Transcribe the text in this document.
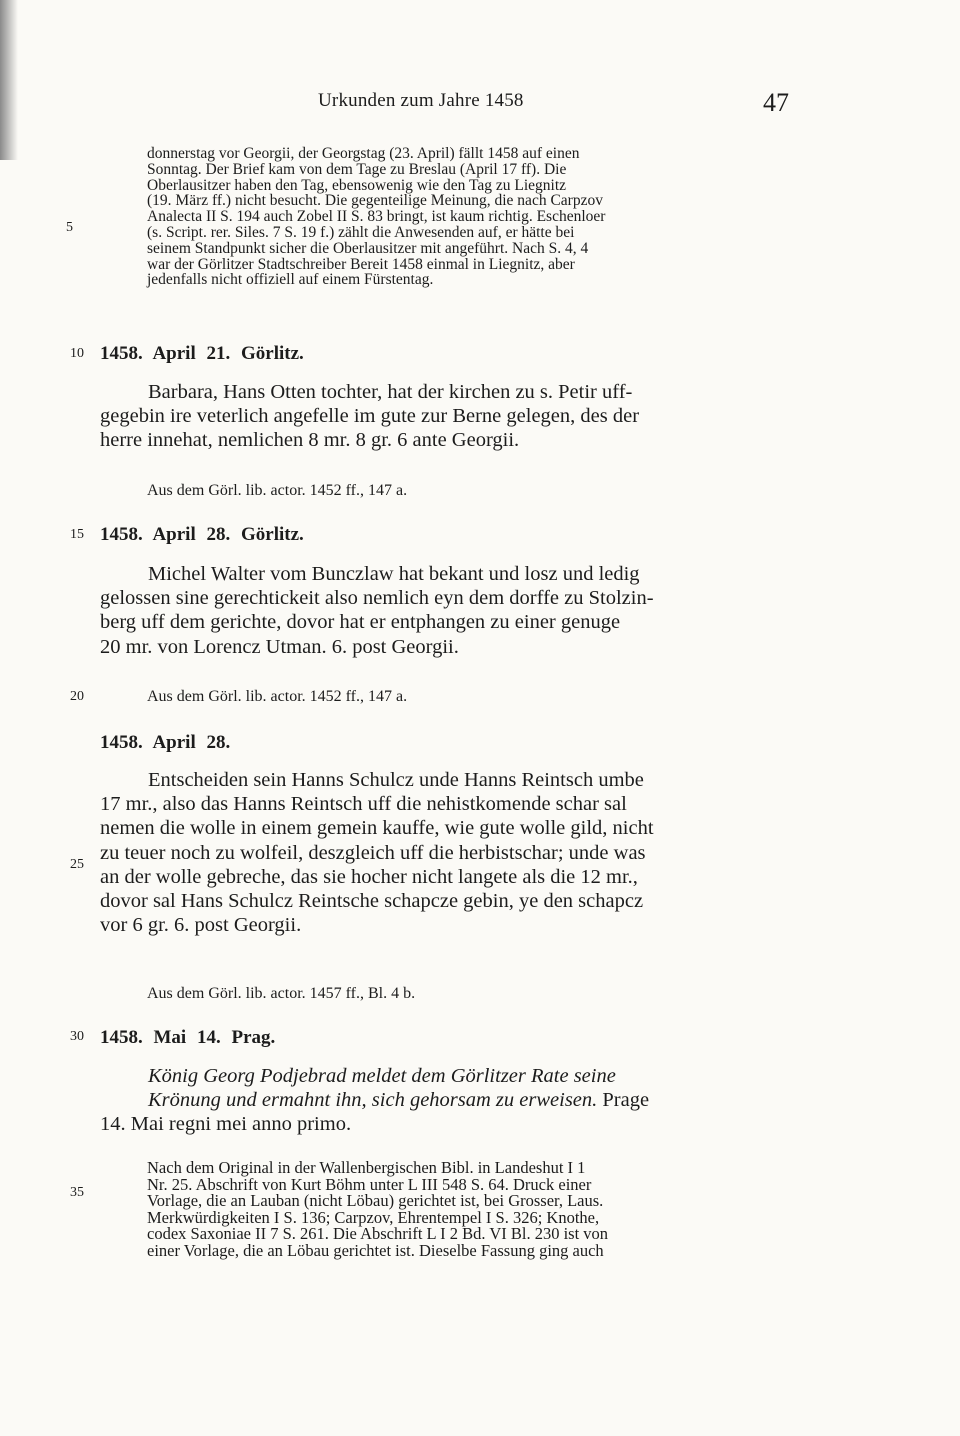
Urkunden zum Jahre 1458	47
5
10
15
20
25
30
35
donnerstag vor Georgii, der Georgstag (23. April) fällt 1458 auf einen
Sonntag. Der Brief kam von dem Tage zu Breslau (April 17 ff). Die
Oberlausitzer haben den Tag, ebensowenig wie den Tag zu Liegnitz
(19. März ff.) nicht besucht. Die gegenteilige Meinung, die nach Carpzov
Analecta II S. 194 auch Zobel II S. 83 bringt, ist kaum richtig. Eschenloer
(s. Script. rer. Siles. 7 S. 19 f.) zählt die Anwesenden auf, er hätte bei
seinem Standpunkt sicher die Oberlausitzer mit angeführt. Nach S. 4, 4
war der Görlitzer Stadtschreiber Bereit 1458 einmal in Liegnitz, aber
jedenfalls nicht offiziell auf einem Fürstentag.
1458. April 21. Görlitz.
Barbara, Hans Otten tochter, hat der kirchen zu s. Petir uff-
gegebin ire veterlich angefelle im gute zur Berne gelegen, des der
herre innehat, nemlichen 8 mr. 8 gr. 6 ante Georgii.
Aus dem Görl. lib. actor. 1452 ff., 147 a.
1458. April 28. Görlitz.
Michel Walter vom Bunczlaw hat bekant und losz und ledig
gelossen sine gerechtickeit also nemlich eyn dem dorffe zu Stolzin-
berg uff dem gerichte, dovor hat er entphangen zu einer genuge
20 mr. von Lorencz Utman. 6. post Georgii.
Aus dem Görl. lib. actor. 1452 ff., 147 a.
1458. April 28.
Entscheiden sein Hanns Schulcz unde Hanns Reintsch umbe
17 mr., also das Hanns Reintsch uff die nehistkomende schar sal
nemen die wolle in einem gemein kauffe, wie gute wolle gild, nicht
zu teuer noch zu wolfeil, deszgleich uff die herbistschar; unde was
an der wolle gebreche, das sie hocher nicht langete als die 12 mr.,
dovor sal Hans Schulcz Reintsche schapcze gebin, ye den schapcz
vor 6 gr. 6. post Georgii.
Aus dem Görl. lib. actor. 1457 ff., Bl. 4 b.
1458. Mai 14. Prag.
König Georg Podjebrad meldet dem Görlitzer Rate seine
Krönung und ermahnt ihn, sich gehorsam zu erweisen. Prage
14. Mai regni mei anno primo.
Nach dem Original in der Wallenbergischen Bibl. in Landeshut I 1
Nr. 25. Abschrift von Kurt Böhm unter L III 548 S. 64. Druck einer
Vorlage, die an Lauban (nicht Löbau) gerichtet ist, bei Grosser, Laus.
Merkwürdigkeiten I S. 136; Carpzov, Ehrentempel I S. 326; Knothe,
codex Saxoniae II 7 S. 261. Die Abschrift L I 2 Bd. VI Bl. 230 ist von
einer Vorlage, die an Löbau gerichtet ist. Dieselbe Fassung ging auch
